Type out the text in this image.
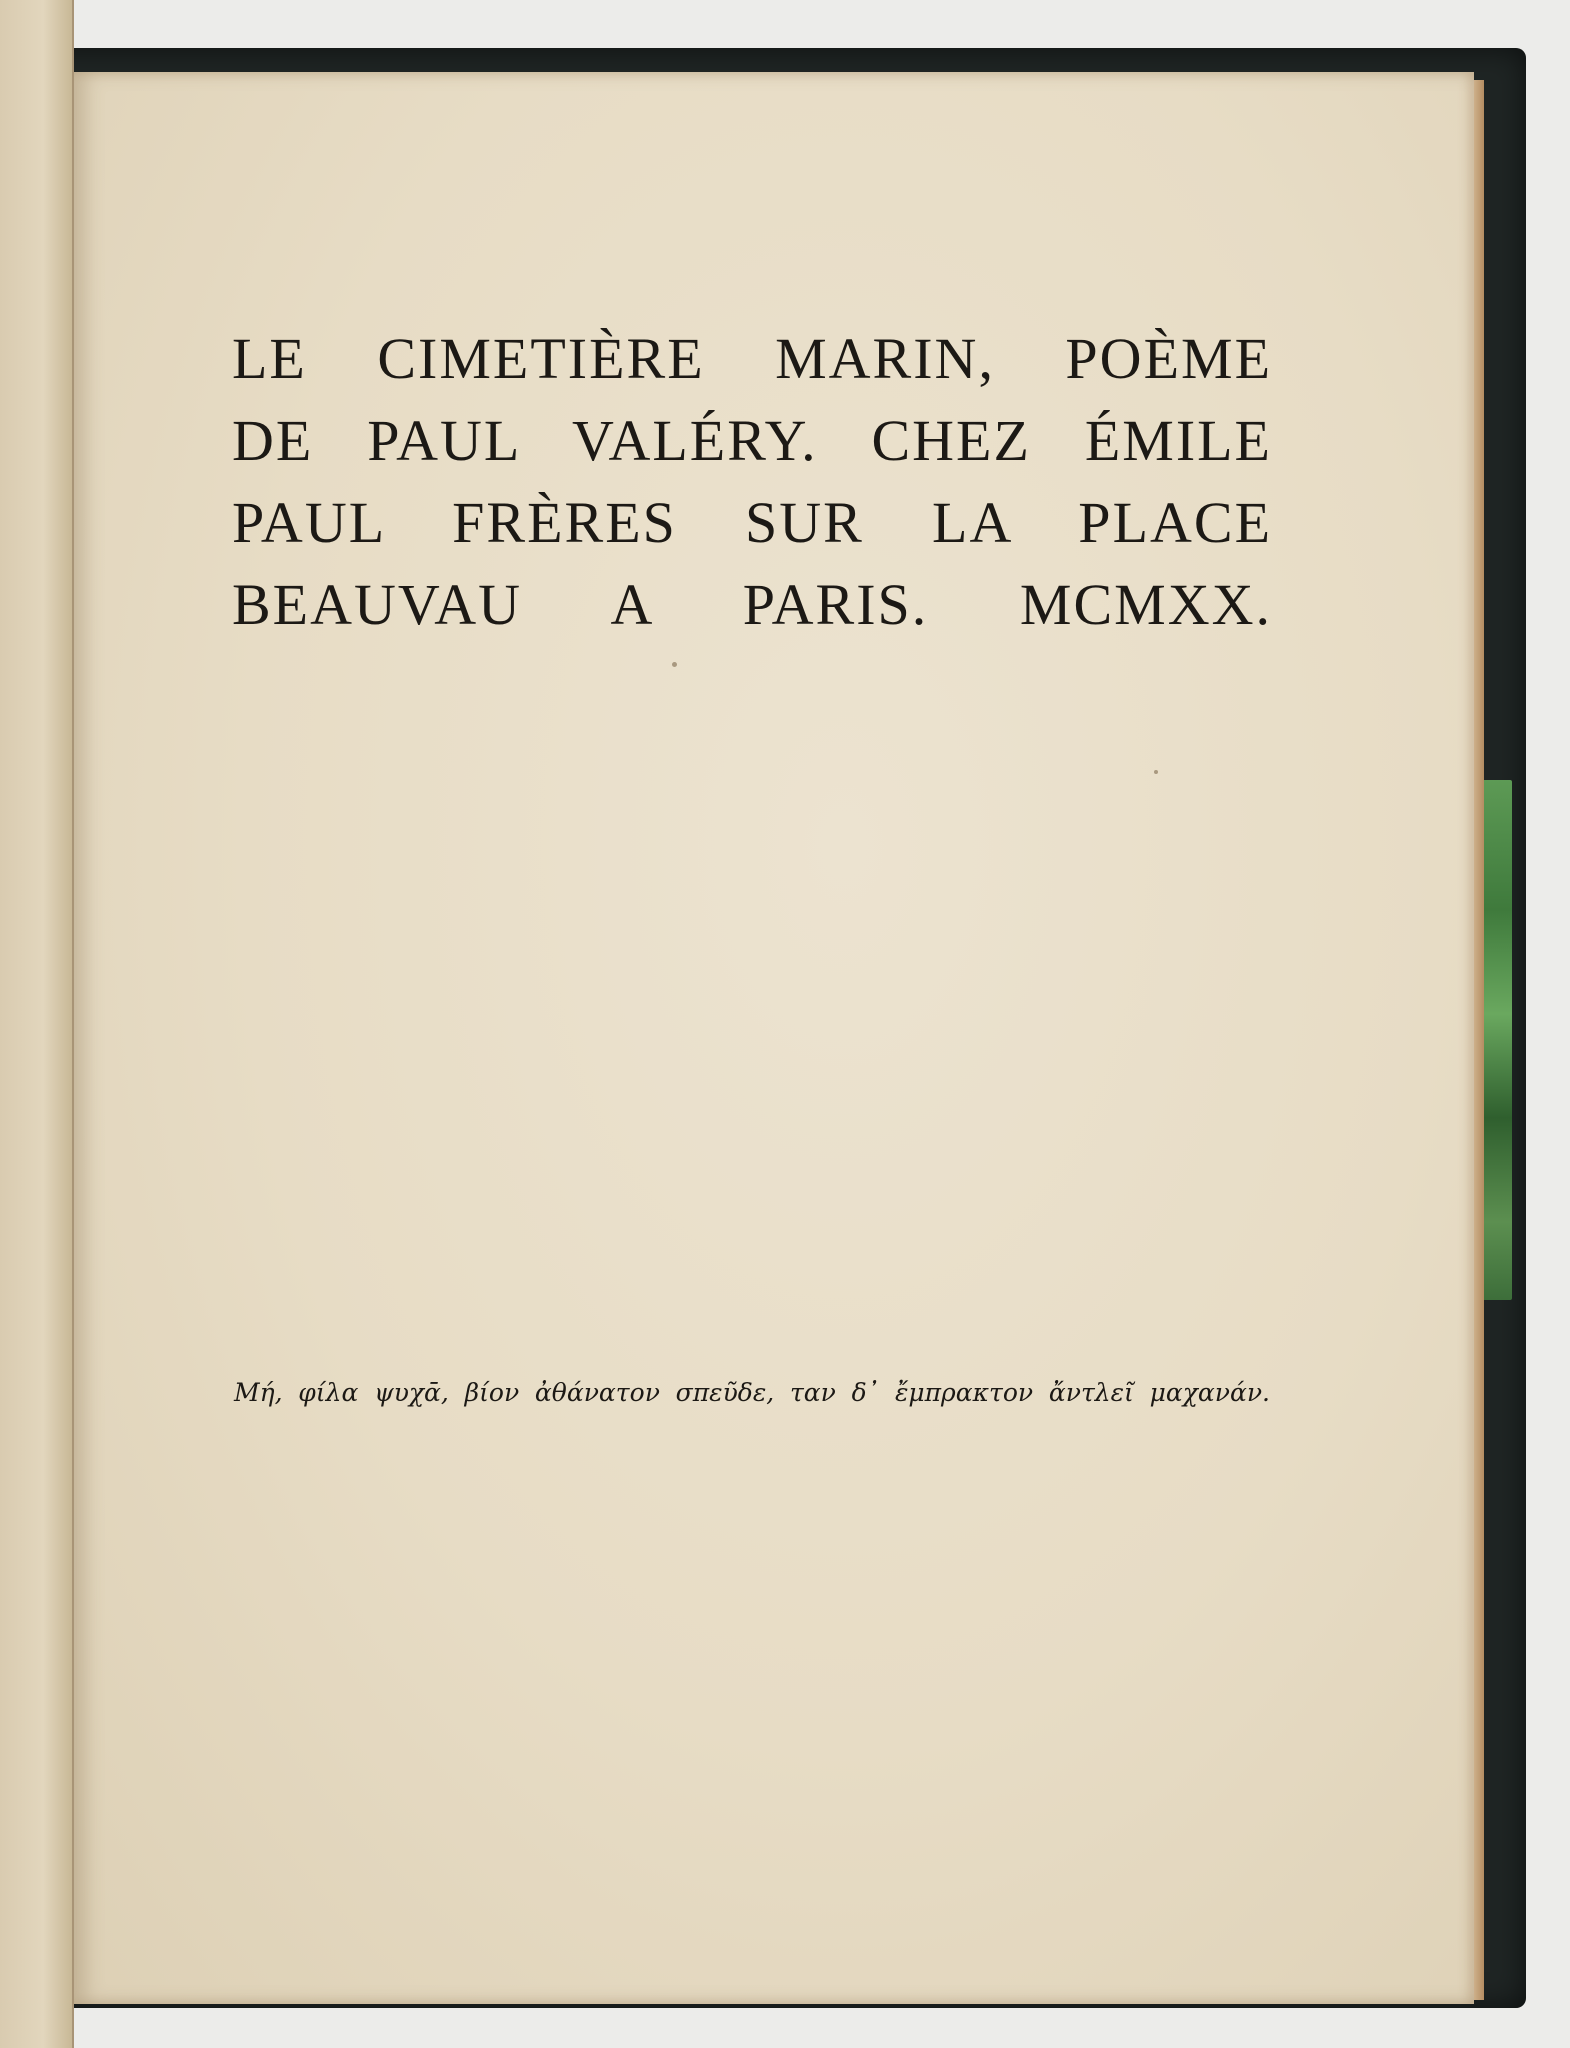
LE CIMETIÈRE MARIN, POÈME
DE PAUL VALÉRY. CHEZ ÉMILE
PAUL FRÈRES SUR LA PLACE
BEAUVAU A PARIS. MCMXX.

Μή, φίλα ψυχᾱ, βίον ἀθάνατον σπεῦδε, ταν δ᾽ ἔμπρακτον ἄντλεῖ μαχανάν.
